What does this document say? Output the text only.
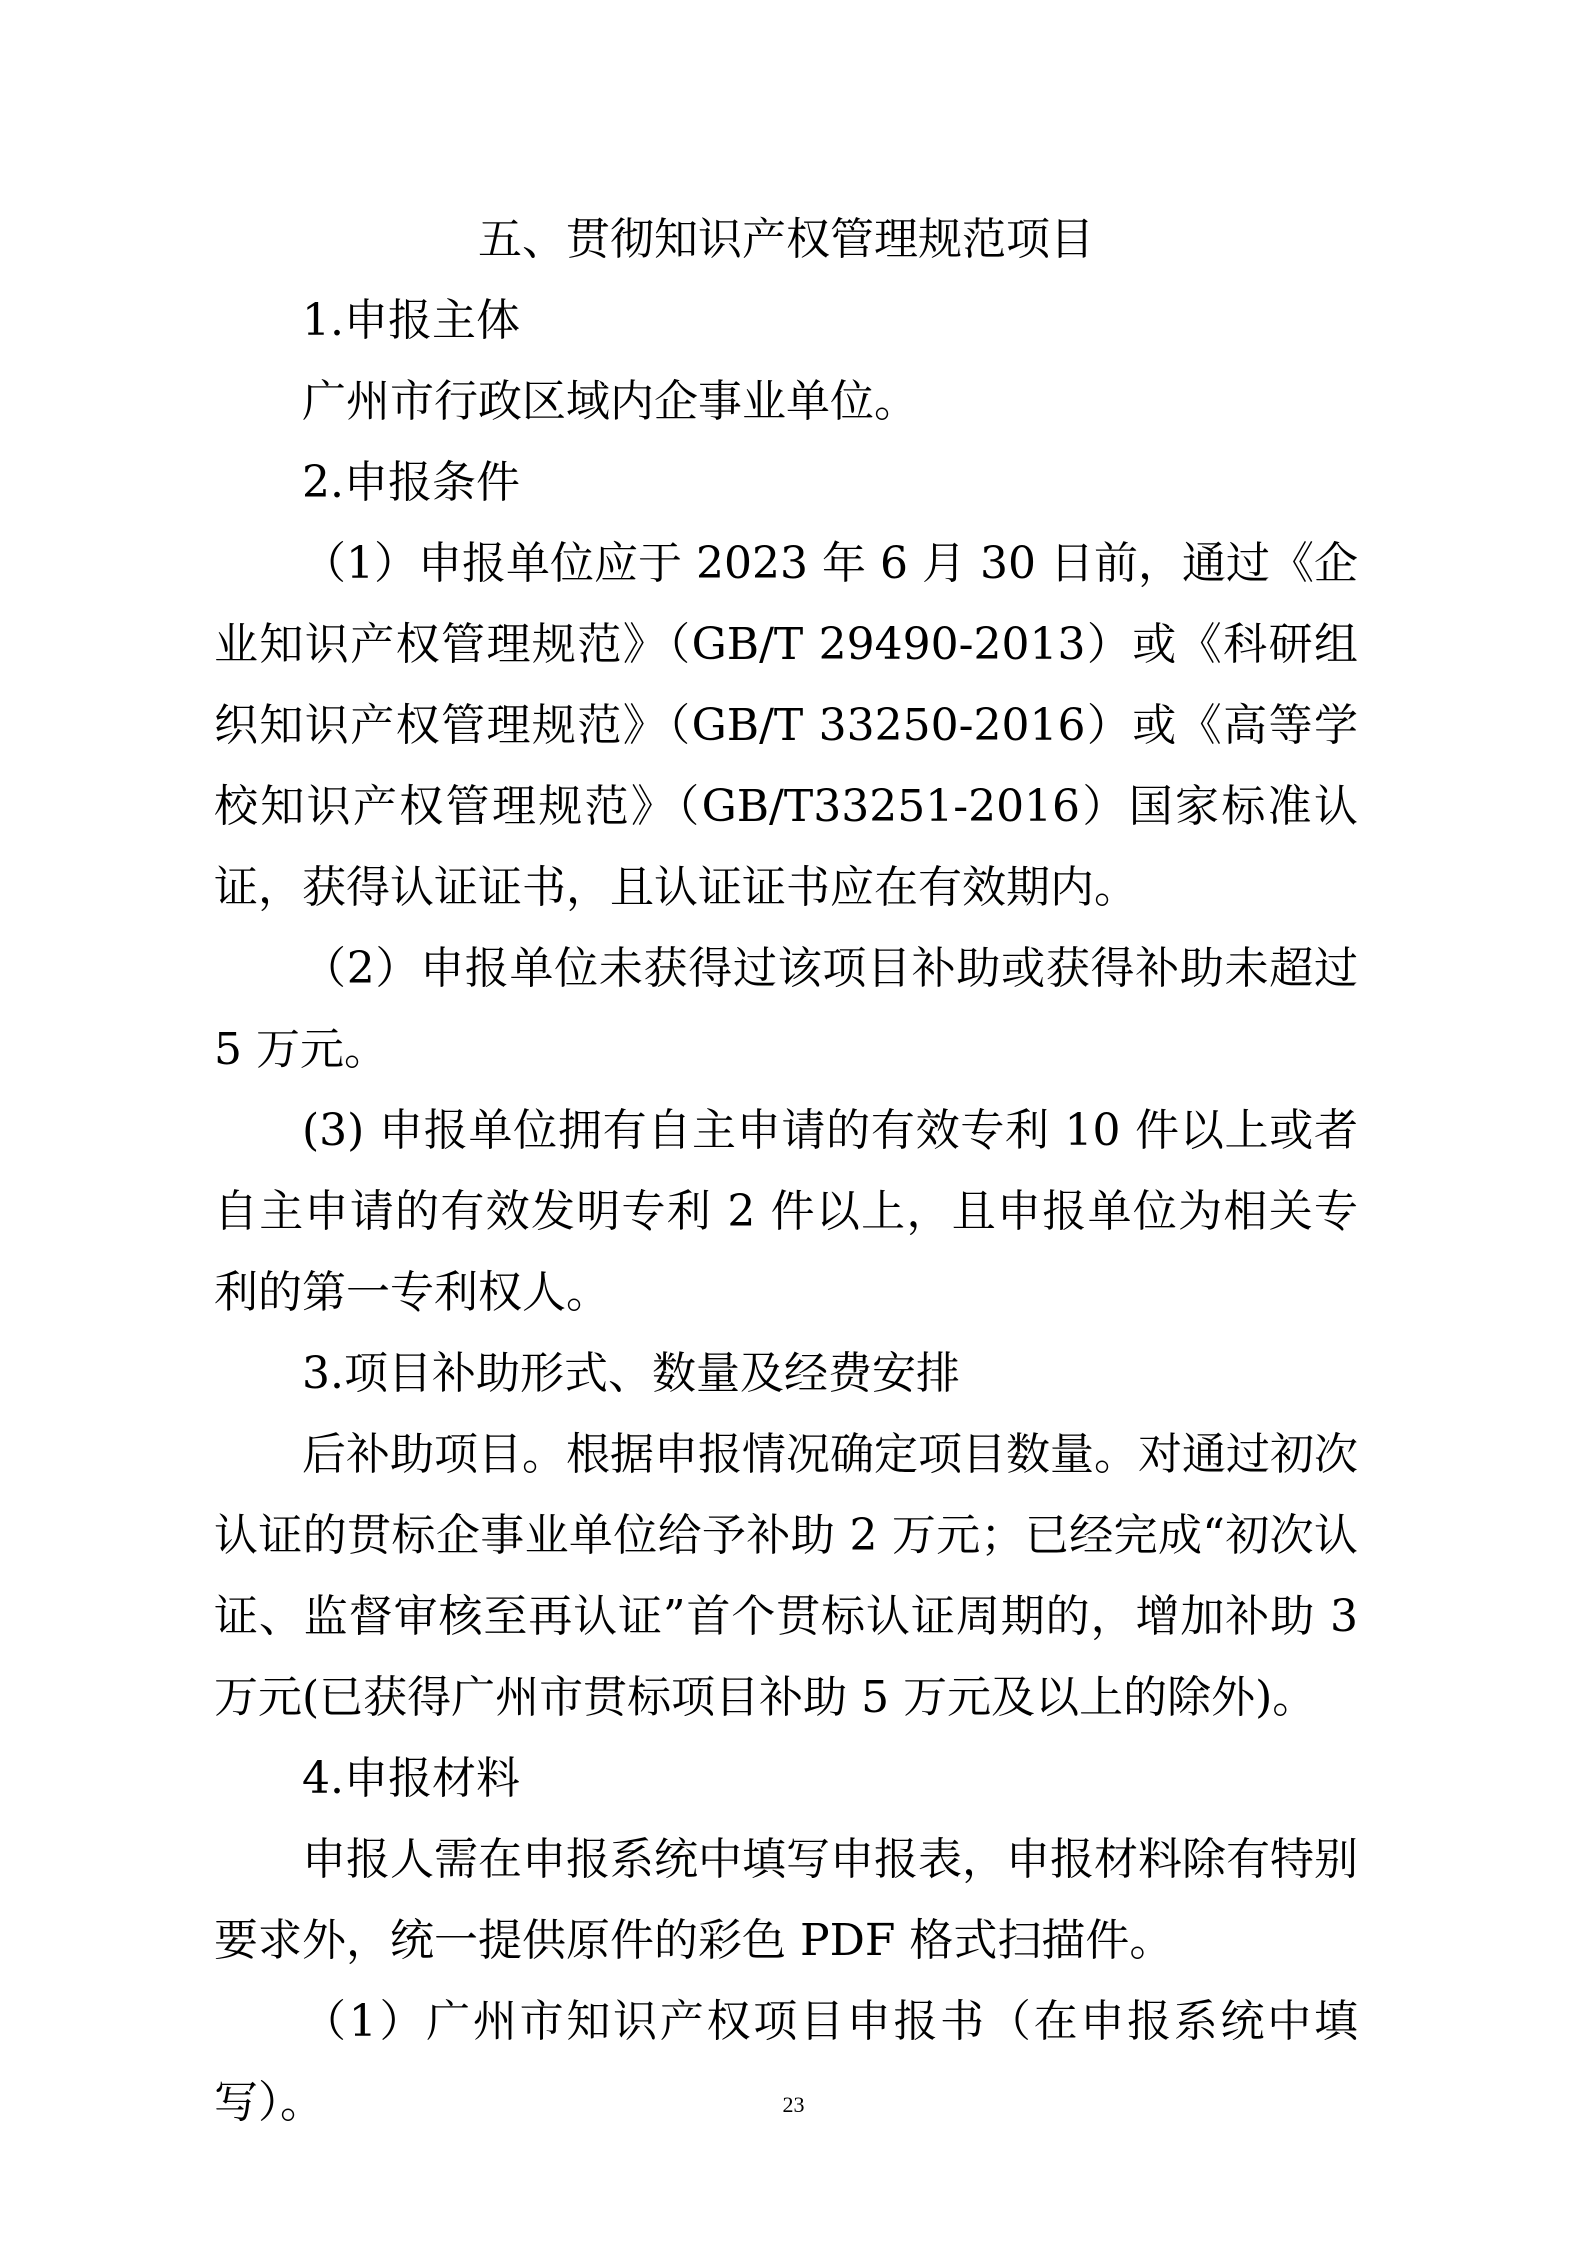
五、贯彻知识产权管理规范项目
1.申报主体

广州市行政区域内企事业单位。

2.申报条件

（1）申报单位应于 2023 年 6 月 30 日前，通过《企业知识产权管理规范》（GB/T 29490-2013）或《科研组织知识产权管理规范》（GB/T 33250-2016）或《高等学校知识产权管理规范》（GB/T33251-2016）国家标准认证，获得认证证书，且认证证书应在有效期内。

（2）申报单位未获得过该项目补助或获得补助未超过 5 万元。

(3) 申报单位拥有自主申请的有效专利 10 件以上或者自主申请的有效发明专利 2 件以上，且申报单位为相关专利的第一专利权人。

3.项目补助形式、数量及经费安排

后补助项目。根据申报情况确定项目数量。对通过初次认证的贯标企事业单位给予补助 2 万元；已经完成“初次认证、监督审核至再认证”首个贯标认证周期的，增加补助 3 万元(已获得广州市贯标项目补助 5 万元及以上的除外)。

4.申报材料

申报人需在申报系统中填写申报表，申报材料除有特别要求外，统一提供原件的彩色 PDF 格式扫描件。

（1）广州市知识产权项目申报书（在申报系统中填写）。	23
